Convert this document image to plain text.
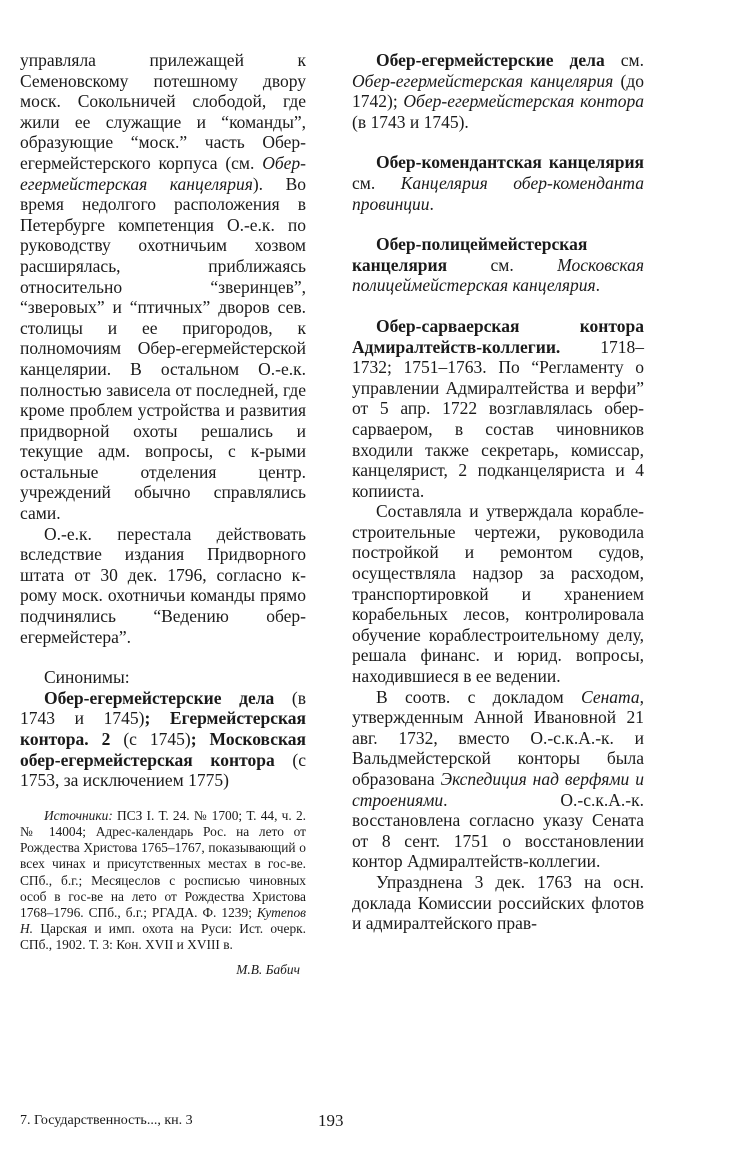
управляла прилежащей к Семеновскому потешному двору моск. Сокольничей слободой, где жили ее служащие и “команды”, образующие “моск.” часть Обер-егермейстерского корпуса (см. Обер-егермейстерская канцелярия). Во время недолгого расположения в Петербурге компетенция О.-е.к. по руководству охотничьим хозвом расширялась, приближаясь относительно “зверинцев”, “зверовых” и “птичных” дворов сев. столицы и ее пригородов, к полномочиям Обер-егермейстерской канцелярии. В остальном О.-е.к. полностью зависела от последней, где кроме проблем устройства и развития придворной охоты решались и текущие адм. вопросы, с к-рыми остальные отделения центр. учреждений обычно справлялись сами.

О.-е.к. перестала действовать вследствие издания Придворного штата от 30 дек. 1796, согласно к-рому моск. охотничьи команды прямо подчинялись “Ведению обер-егермейстера”.

Синонимы:

Обер-егермейстерские дела (в 1743 и 1745); Егермейстерская контора. 2 (с 1745); Московская обер-егермейстерская контора (с 1753, за исключением 1775)

Источники: ПСЗ I. Т. 24. № 1700; Т. 44, ч. 2. № 14004; Адрес-календарь Рос. на лето от Рождества Христова 1765–1767, показывающий о всех чинах и присутственных местах в гос-ве. СПб., б.г.; Месяцеслов с росписью чиновных особ в гос-ве на лето от Рождества Христова 1768–1796. СПб., б.г.; РГАДА. Ф. 1239; Кутепов Н. Царская и имп. охота на Руси: Ист. очерк. СПб., 1902. Т. 3: Кон. XVII и XVIII в.

М.В. Бабич

Обер-егермейстерские дела см. Обер-егермейстерская канцелярия (до 1742); Обер-егермейстерская контора (в 1743 и 1745).

Обер-комендантская канцелярия см. Канцелярия обер-коменданта провинции.

Обер-полицеймейстерская канцелярия см. Московская полицеймейстерская канцелярия.

Обер-сарваерская контора Адмиралтейств-коллегии. 1718–1732; 1751–1763. По “Регламенту о управлении Адмиралтейства и верфи” от 5 апр. 1722 возглавлялась обер-сарваером, в состав чиновников входили также секретарь, комиссар, канцелярист, 2 подканцеляриста и 4 копииста.

Составляла и утверждала кораблестроительные чертежи, руководила постройкой и ремонтом судов, осуществляла надзор за расходом, транспортировкой и хранением корабельных лесов, контролировала обучение кораблестроительному делу, решала финанс. и юрид. вопросы, находившиеся в ее ведении.

В соотв. с докладом Сената, утвержденным Анной Ивановной 21 авг. 1732, вместо О.-с.к.А.-к. и Вальдмейстерской конторы была образована Экспедиция над верфями и строениями. О.-с.к.А.-к. восстановлена согласно указу Сената от 8 сент. 1751 о восстановлении контор Адмиралтейств-коллегии.

Упразднена 3 дек. 1763 на осн. доклада Комиссии российских флотов и адмиралтейского прав-

7. Государственность..., кн. 3	193
